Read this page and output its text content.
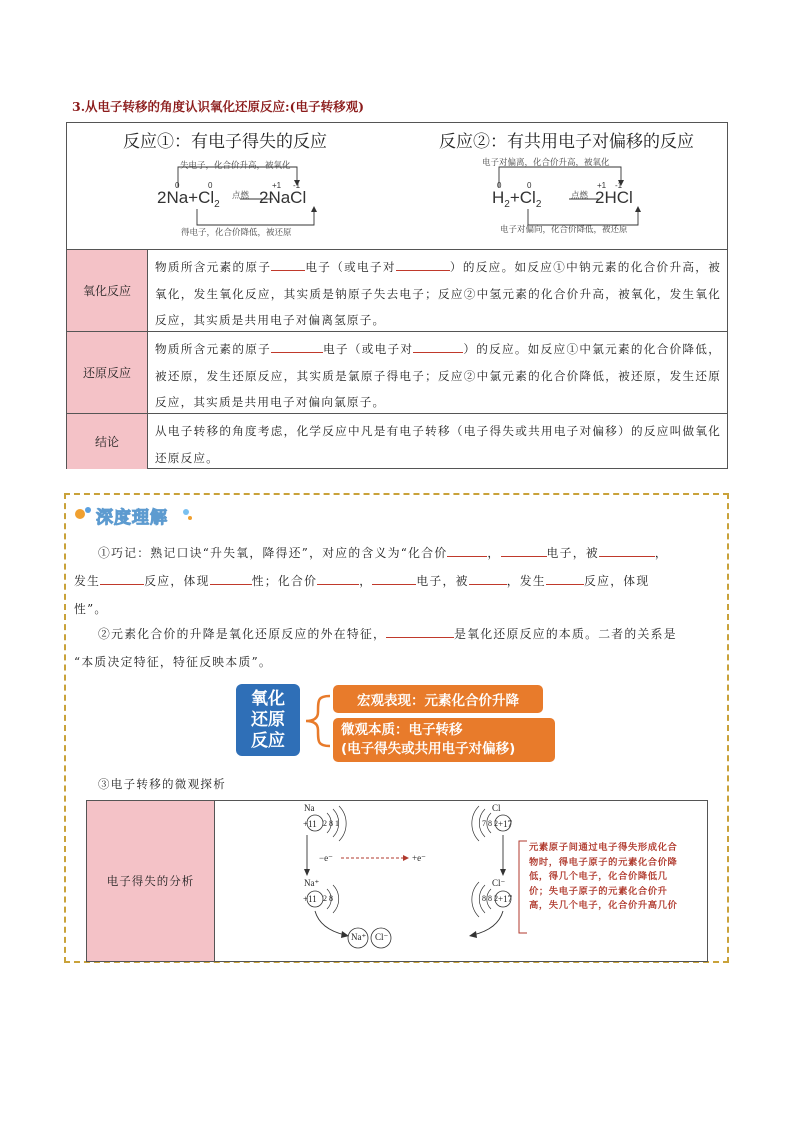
3.从电子转移的角度认识氧化还原反应:(电子转移观)
反应①：有电子得失的反应
失电子，化合价升高，被氧化
0	0	+1 -1
$2Na+Cl_2$
点燃 2NaCl
得电子，化合价降低，被还原
反应②：有共用电子对偏移的反应
电子对偏离，化合价升高，被氧化
0	0	+1 -1
$H_2+Cl_2$
点燃 2HCl
电子对偏向，化合价降低，被还原
氧化反应
物质所含元素的原子	电子（或电子对	）的反应。如反应①中钠元素的化合价升高，被氧化，发生氧化反应，其实质是钠原子失去电子；反应②中氢元素的化合价升高，被氧化，发生氧化反应，其实质是共用电子对偏离氢原子。
还原反应
物质所含元素的原子	电子（或电子对	）的反应。如反应①中氯元素的化合价降低，被还原，发生还原反应，其实质是氯原子得电子；反应②中氯元素的化合价降低，被还原，发生还原反应，其实质是共用电子对偏向氯原子。
结论
从电子转移的角度考虑，化学反应中凡是有电子转移（电子得失或共用电子对偏移）的反应叫做氧化还原反应。
深度理解
①巧记：熟记口诀“升失氧，降得还”，对应的含义为“化合价	，	电子，被	，
发生	反应，体现	性；化合价	，	电子，被	，发生	反应，体现
性”。
②元素化合价的升降是氧化还原反应的外在特征，	是氧化还原反应的本质。二者的关系是
“本质决定特征，特征反映本质”。
氧化
还原
反应
宏观表现：元素化合价升降
微观本质：电子转移
(电子得失或共用电子对偏移)
③电子转移的微观探析
电子得失的分析
Na
+11 2 8 1
Cl
7 8 2 +17
−e⁻	+e⁻
Na⁺
+11 2 8
Cl⁻
8 8 2 +17
Na⁺ Cl⁻
元素原子间通过电子得失形成化合物时，得电子原子的元素化合价降低，得几个电子，化合价降低几价；失电子原子的元素化合价升高，失几个电子，化合价升高几价
